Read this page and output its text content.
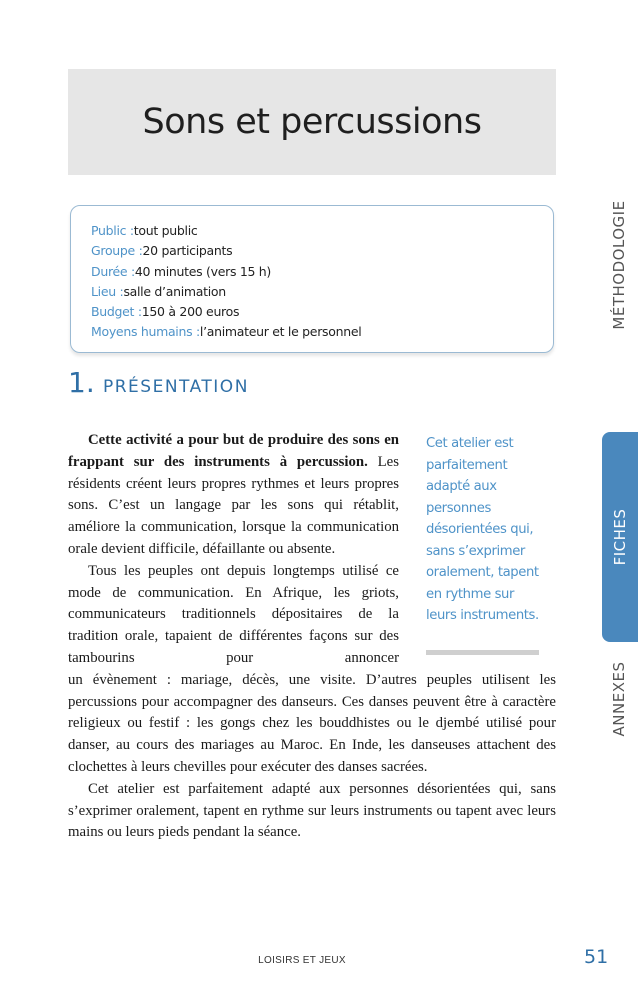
Sons et percussions
Public :tout public
Groupe :20 participants
Durée :40 minutes (vers 15 h)
Lieu :salle d’animation
Budget :150 à 200 euros
Moyens humains :l’animateur et le personnel
MÉTHODOLOGIE
FICHES
ANNEXES
1. présentation

Cette activité a pour but de produire des sons en frappant sur des instruments à percussion. Les résidents créent leurs propres rythmes et leurs propres sons. C’est un langage par les sons qui rétablit, améliore la communication, lorsque la communication orale devient difficile, défaillante ou absente.

Tous les peuples ont depuis longtemps utilisé ce mode de communication. En Afrique, les griots, communicateurs traditionnels dépositaires de la tradition orale, tapaient de différentes façons sur des tambourins pour annoncer

un évènement : mariage, décès, une visite. D’autres peuples utilisent les percussions pour accompagner des danseurs. Ces danses peuvent être à caractère religieux ou festif : les gongs chez les bouddhistes ou le djembé utilisé pour danser, au cours des mariages au Maroc. En Inde, les danseuses attachent des clochettes à leurs chevilles pour exécuter des danses sacrées.

Cet atelier est parfaitement adapté aux personnes désorientées qui, sans s’exprimer oralement, tapent en rythme sur leurs instruments ou tapent avec leurs mains ou leurs pieds pendant la séance.

Cet atelier est parfaitement adapté aux personnes désorientées qui, sans s’exprimer oralement, tapent en rythme sur leurs instruments.
LOISIRS ET JEUX	51
